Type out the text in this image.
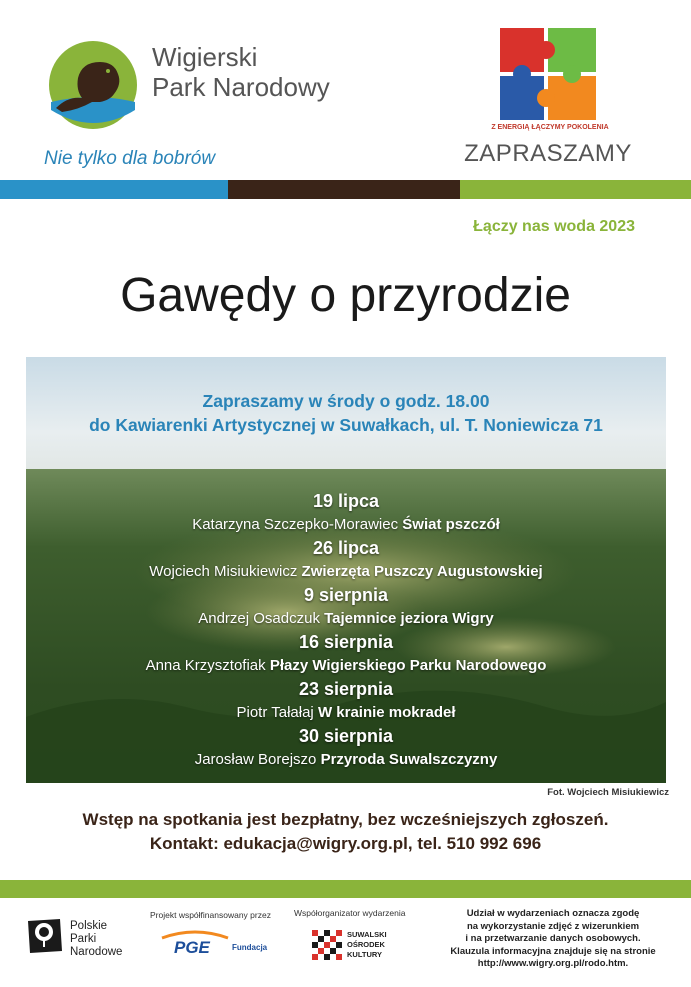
Wigierski
Park Narodowy
Nie tylko dla bobrów
Z ENERGIĄ ŁĄCZYMY POKOLENIA
ZAPRASZAMY
Łączy nas woda 2023
Gawędy o przyrodzie
Zapraszamy w środy o godz. 18.00
do Kawiarenki Artystycznej w Suwałkach, ul. T. Noniewicza 71
19 lipca
Katarzyna Szczepko-Morawiec Świat pszczół
26 lipca
Wojciech Misiukiewicz Zwierzęta Puszczy Augustowskiej
9 sierpnia
Andrzej Osadczuk Tajemnice jeziora Wigry
16 sierpnia
Anna Krzysztofiak Płazy Wigierskiego Parku Narodowego
23 sierpnia
Piotr Tałałaj W krainie mokradeł
30 sierpnia
Jarosław Borejszo Przyroda Suwalszczyzny
Fot. Wojciech Misiukiewicz
Wstęp na spotkania jest bezpłatny, bez wcześniejszych zgłoszeń.
Kontakt: edukacja@wigry.org.pl, tel. 510 992 696
Polskie
Parki
Narodowe
Projekt współfinansowany przez
PGE	Fundacja
Współorganizator wydarzenia
SUWALSKI
OŚRODEK
KULTURY
Udział w wydarzeniach oznacza zgodę
na wykorzystanie zdjęć z wizerunkiem
i na przetwarzanie danych osobowych.
Klauzula informacyjna znajduje się na stronie
http://www.wigry.org.pl/rodo.htm.
